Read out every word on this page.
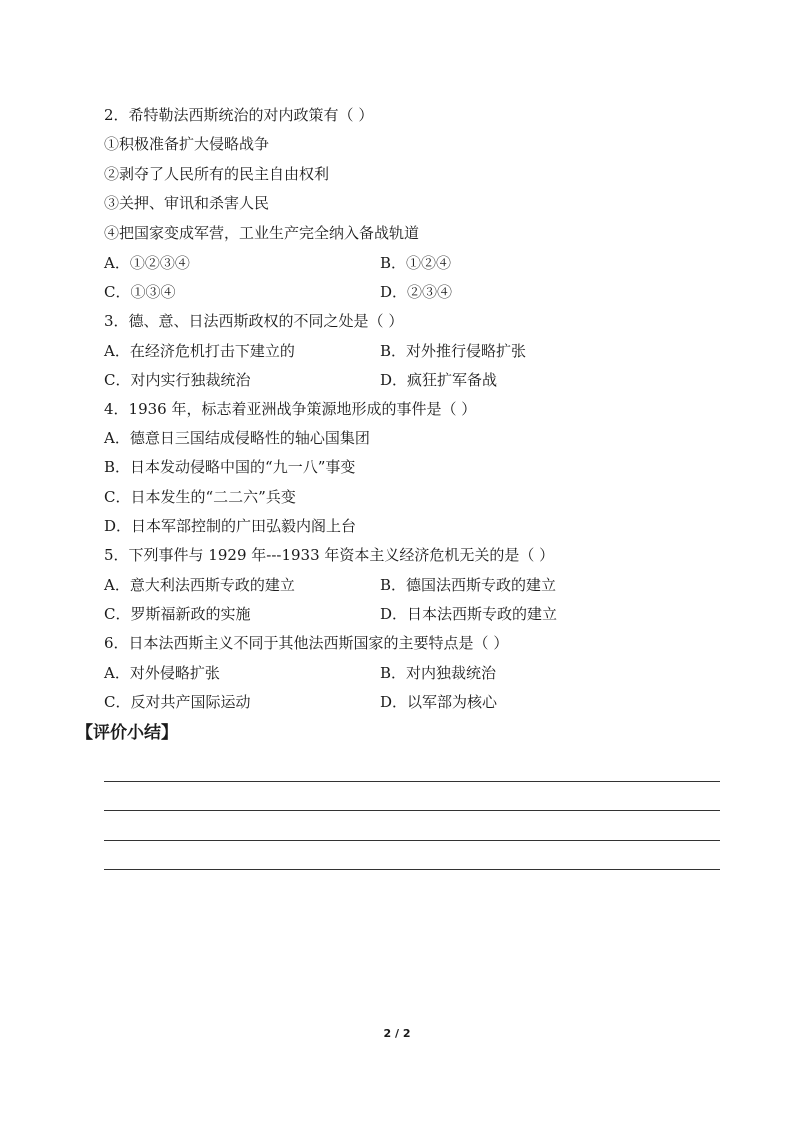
2．希特勒法西斯统治的对内政策有（ ）
①积极准备扩大侵略战争
②剥夺了人民所有的民主自由权利
③关押、审讯和杀害人民
④把国家变成军营，工业生产完全纳入备战轨道
A．①②③④	B．①②④
C．①③④	D．②③④
3．德、意、日法西斯政权的不同之处是（ ）
A．在经济危机打击下建立的	B．对外推行侵略扩张
C．对内实行独裁统治	D．疯狂扩军备战
4．1936 年，标志着亚洲战争策源地形成的事件是（ ）
A．德意日三国结成侵略性的轴心国集团
B．日本发动侵略中国的“九一八”事变
C．日本发生的“二二六”兵变
D．日本军部控制的广田弘毅内阁上台
5．下列事件与 1929 年---1933 年资本主义经济危机无关的是（ ）
A．意大利法西斯专政的建立	B．德国法西斯专政的建立
C．罗斯福新政的实施	D．日本法西斯专政的建立
6．日本法西斯主义不同于其他法西斯国家的主要特点是（ ）
A．对外侵略扩张	B．对内独裁统治
C．反对共产国际运动	D．以军部为核心
【评价小结】
2 / 2
